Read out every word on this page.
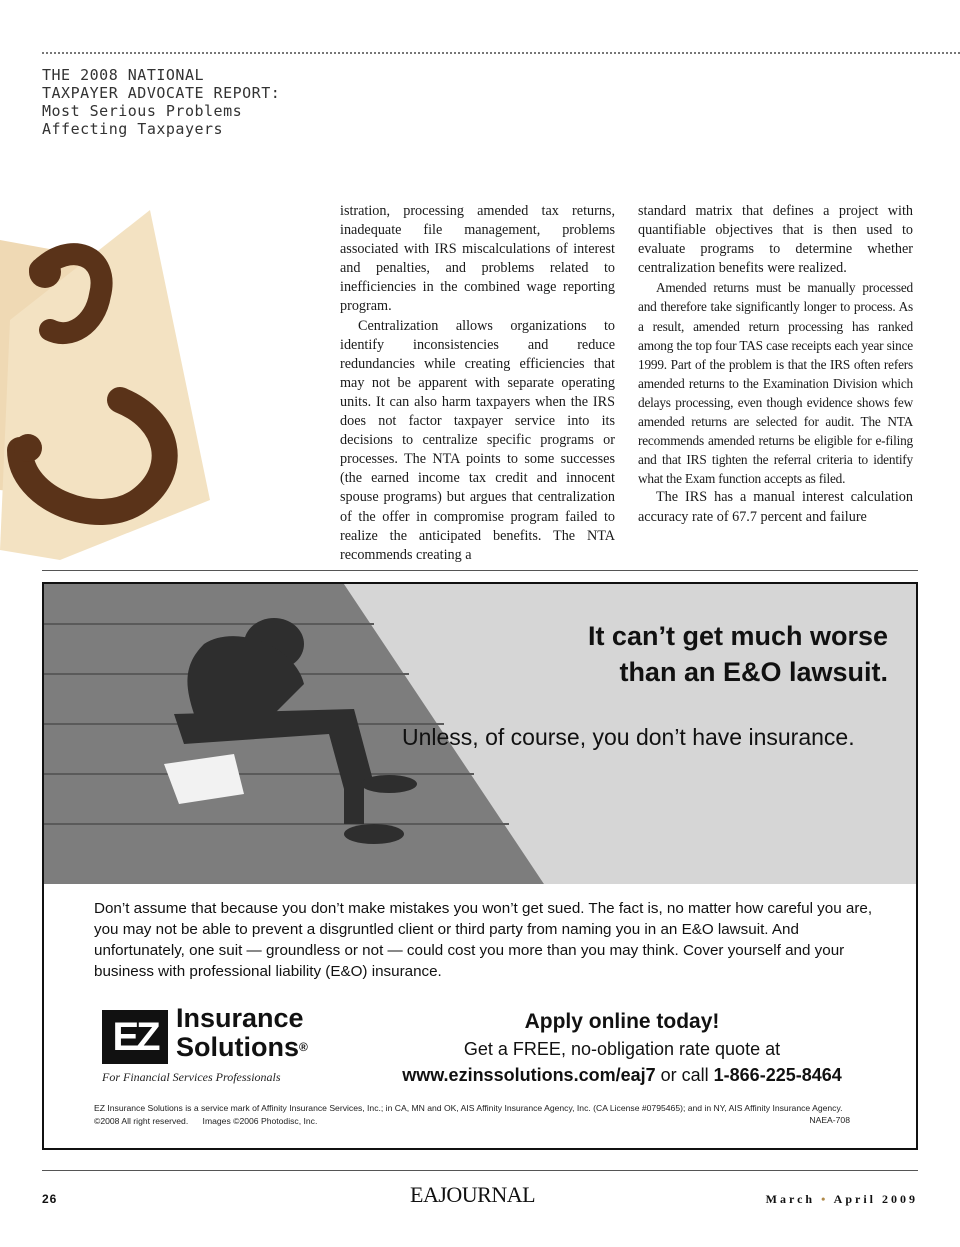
THE 2008 NATIONAL
TAXPAYER ADVOCATE REPORT:
Most Serious Problems
Affecting Taxpayers

istration, processing amended tax returns, inadequate file management, problems associated with IRS miscalculations of interest and penalties, and problems related to inefficiencies in the combined wage reporting program.

Centralization allows organizations to identify inconsistencies and reduce redundancies while creating efficiencies that may not be apparent with separate operating units. It can also harm taxpayers when the IRS does not factor taxpayer service into its decisions to centralize specific programs or processes. The NTA points to some successes (the earned income tax credit and innocent spouse programs) but argues that centralization of the offer in compromise program failed to realize the anticipated benefits. The NTA recommends creating a

standard matrix that defines a project with quantifiable objectives that is then used to evaluate programs to determine whether centralization benefits were realized.

Amended returns must be manually processed and therefore take significantly longer to process. As a result, amended return processing has ranked among the top four TAS case receipts each year since 1999. Part of the problem is that the IRS often refers amended returns to the Examination Division which delays processing, even though evidence shows few amended returns are selected for audit. The NTA recommends amended returns be eligible for e-filing and that IRS tighten the referral criteria to identify what the Exam function accepts as filed.

The IRS has a manual interest calculation accuracy rate of 67.7 percent and failure

It can’t get much worse
than an E&O lawsuit.
Unless, of course, you don’t have insurance.
Don’t assume that because you don’t make mistakes you won’t get sued. The fact is, no matter how careful you are, you may not be able to prevent a disgruntled client or third party from naming you in an E&O lawsuit. And unfortunately, one suit — groundless or not — could cost you more than you may think. Cover yourself and your business with professional liability (E&O) insurance.
EZ Insurance
Solutions®
For Financial Services Professionals
Apply online today!
Get a FREE, no-obligation rate quote at
www.ezinssolutions.com/eaj7 or call 1-866-225-8464
EZ Insurance Solutions is a service mark of Affinity Insurance Services, Inc.; in CA, MN and OK, AIS Affinity Insurance Agency, Inc. (CA License #0795465); and in NY, AIS Affinity Insurance Agency.
©2008 All right reserved.      Images ©2006 Photodisc, Inc.	NAEA-708
26	EAJOURNAL	March • April 2009
